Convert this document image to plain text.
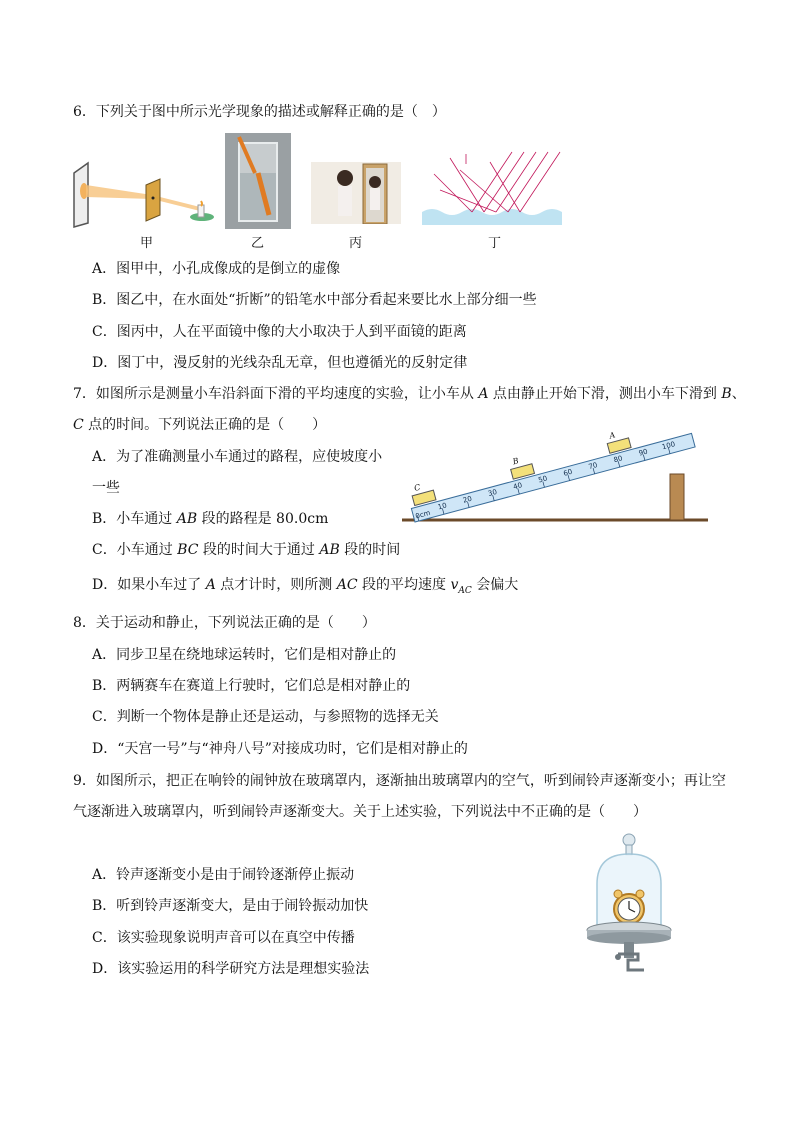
6．下列关于图中所示光学现象的描述或解释正确的是（　）
甲	乙	丙	丁
A．图甲中，小孔成像成的是倒立的虚像
B．图乙中，在水面处“折断”的铅笔水中部分看起来要比水上部分细一些
C．图丙中，人在平面镜中像的大小取决于人到平面镜的距离
D．图丁中，漫反射的光线杂乱无章，但也遵循光的反射定律
7．如图所示是测量小车沿斜面下滑的平均速度的实验，让小车从 A 点由静止开始下滑，测出小车下滑到 B、
C 点的时间。下列说法正确的是（　　）
A．为了准确测量小车通过的路程，应使坡度小
一些
B．小车通过 AB 段的路程是 80.0cm
C．小车通过 BC 段的时间大于通过 AB 段的时间
D．如果小车过了 A 点才计时，则所测 AC 段的平均速度 $v_{AC}$ 会偏大
0cm
10
20
30
40
50
60
70
80
90
100
C
B
A
8．关于运动和静止，下列说法正确的是（　　）
A．同步卫星在绕地球运转时，它们是相对静止的
B．两辆赛车在赛道上行驶时，它们总是相对静止的
C．判断一个物体是静止还是运动，与参照物的选择无关
D．“天宫一号”与“神舟八号”对接成功时，它们是相对静止的
9．如图所示，把正在响铃的闹钟放在玻璃罩内，逐渐抽出玻璃罩内的空气，听到闹铃声逐渐变小；再让空
气逐渐进入玻璃罩内，听到闹铃声逐渐变大。关于上述实验，下列说法中不正确的是（　　）
A．铃声逐渐变小是由于闹铃逐渐停止振动
B．听到铃声逐渐变大，是由于闹铃振动加快
C．该实验现象说明声音可以在真空中传播
D．该实验运用的科学研究方法是理想实验法
